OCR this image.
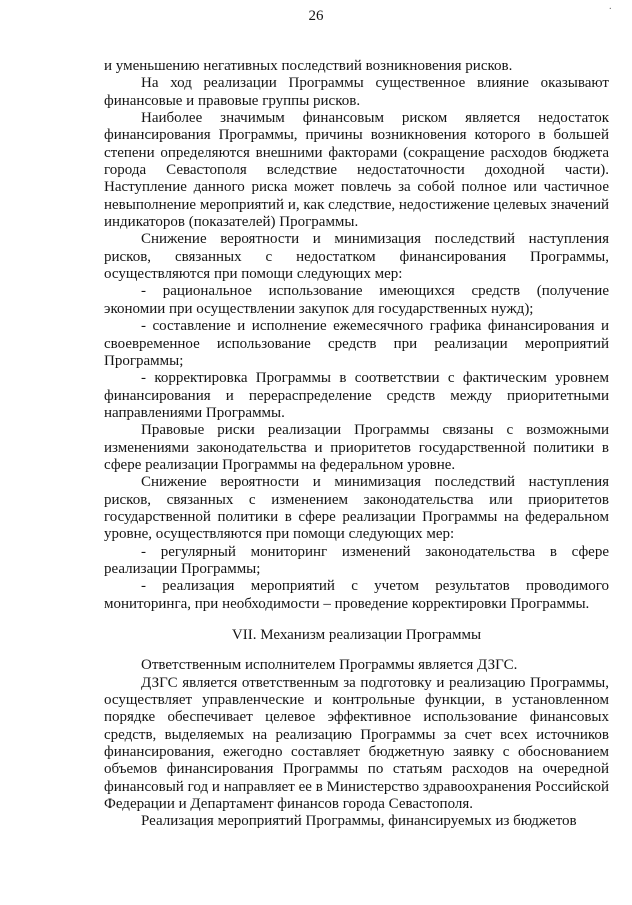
26	·

и уменьшению негативных последствий возникновения рисков.

На ход реализации Программы существенное влияние оказывают финансовые и правовые группы рисков.

Наиболее значимым финансовым риском является недостаток финансирования Программы, причины возникновения которого в большей степени определяются внешними факторами (сокращение расходов бюджета города Севастополя вследствие недостаточности доходной части). Наступление данного риска может повлечь за собой полное или частичное невыполнение мероприятий и, как следствие, недостижение целевых значений индикаторов (показателей) Программы.

Снижение вероятности и минимизация последствий наступления рисков, связанных с недостатком финансирования Программы, осуществляются при помощи следующих мер:

- рациональное использование имеющихся средств (получение экономии при осуществлении закупок для государственных нужд);

- составление и исполнение ежемесячного графика финансирования и своевременное использование средств при реализации мероприятий Программы;

- корректировка Программы в соответствии с фактическим уровнем финансирования и перераспределение средств между приоритетными направлениями Программы.

Правовые риски реализации Программы связаны с возможными изменениями законодательства и приоритетов государственной политики в сфере реализации Программы на федеральном уровне.

Снижение вероятности и минимизация последствий наступления рисков, связанных с изменением законодательства или приоритетов государственной политики в сфере реализации Программы на федеральном уровне, осуществляются при помощи следующих мер:

- регулярный мониторинг изменений законодательства в сфере реализации Программы;

- реализация мероприятий с учетом результатов проводимого мониторинга, при необходимости – проведение корректировки Программы.

VII. Механизм реализации Программы

Ответственным исполнителем Программы является ДЗГС.

ДЗГС является ответственным за подготовку и реализацию Программы, осуществляет управленческие и контрольные функции, в установленном порядке обеспечивает целевое эффективное использование финансовых средств, выделяемых на реализацию Программы за счет всех источников финансирования, ежегодно составляет бюджетную заявку с обоснованием объемов финансирования Программы по статьям расходов на очередной финансовый год и направляет ее в Министерство здравоохранения Российской Федерации и Департамент финансов города Севастополя.

Реализация мероприятий Программы, финансируемых из бюджетов
